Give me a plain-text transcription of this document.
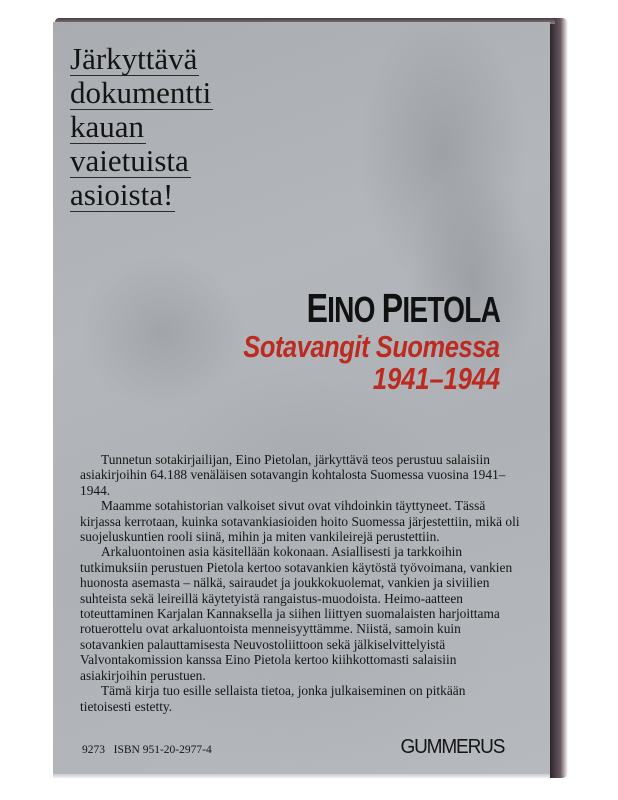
Järkyttävä
dokumentti
kauan
vaietuista
asioista!
EINO PIETOLA
Sotavangit Suomessa
1941–1944

Tunnetun sotakirjailijan, Eino Pietolan, järkyttävä teos perustuu salaisiin asiakirjoihin 64.188 venäläisen sotavangin kohtalosta Suomessa vuosina 1941–1944.

Maamme sotahistorian valkoiset sivut ovat vihdoinkin täyttyneet. Tässä kirjassa kerrotaan, kuinka sotavankiasioiden hoito Suomessa järjestettiin, mikä oli suojeluskuntien rooli siinä, mihin ja miten vankileirejä perustettiin.

Arkaluontoinen asia käsitellään kokonaan. Asiallisesti ja tarkkoihin tutkimuksiin perustuen Pietola kertoo sotavankien käytöstä työvoimana, vankien huonosta asemasta – nälkä, sairaudet ja joukkokuolemat, vankien ja siviilien suhteista sekä leireillä käytetyistä rangaistus-muodoista. Heimo-aatteen toteuttaminen Karjalan Kannaksella ja siihen liittyen suomalaisten harjoittama rotuerottelu ovat arkaluontoista menneisyyttämme. Niistä, samoin kuin sotavankien palauttamisesta Neuvostoliittoon sekä jälkiselvittelyistä Valvontakomission kanssa Eino Pietola kertoo kiihkottomasti salaisiin asiakirjoihin perustuen.

Tämä kirja tuo esille sellaista tietoa, jonka julkaiseminen on pitkään tietoisesti estetty.

9273   ISBN 951-20-2977-4	GUMMERUS
